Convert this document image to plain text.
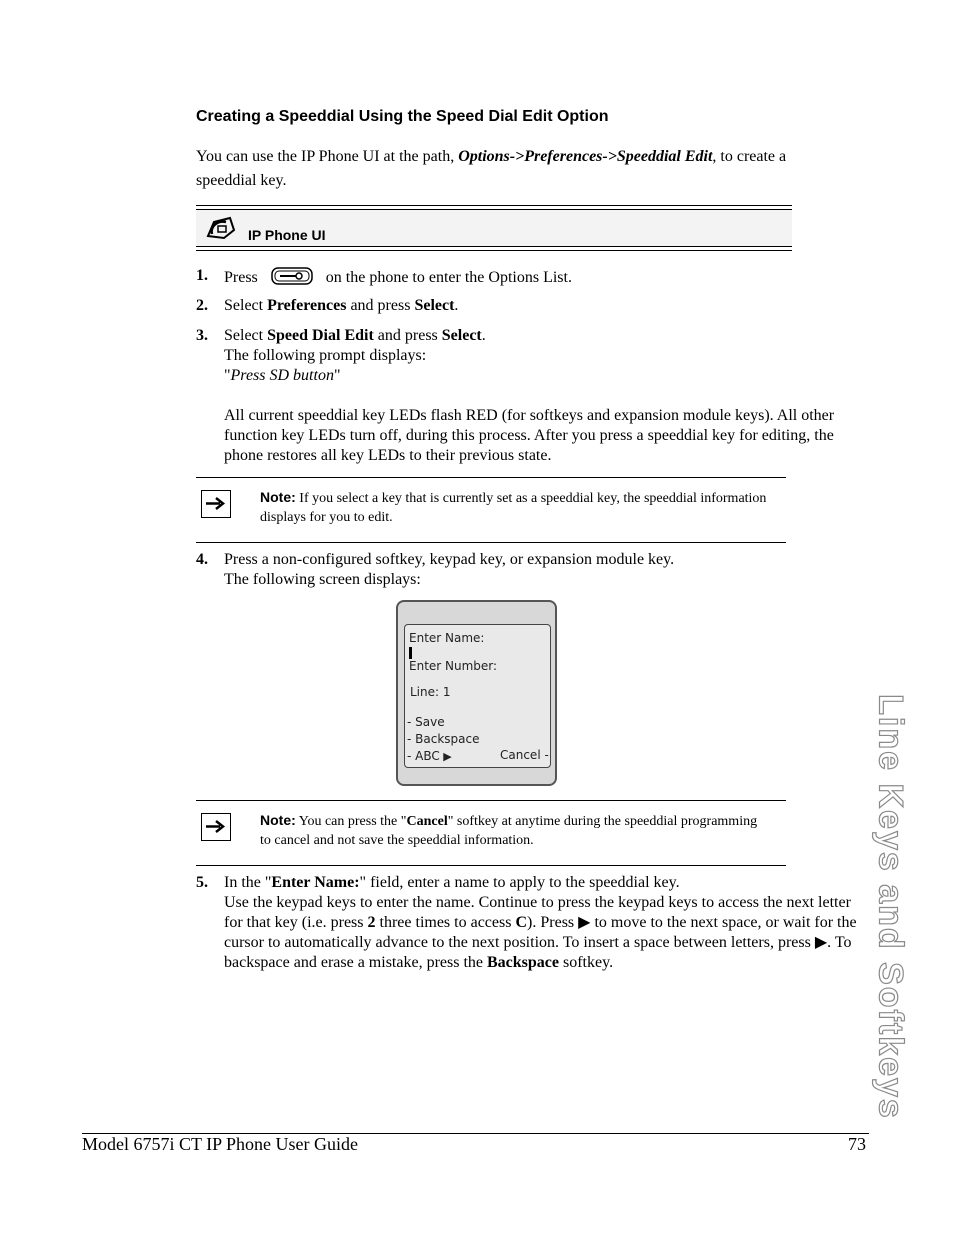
Creating a Speeddial Using the Speed Dial Edit Option
You can use the IP Phone UI at the path, Options->Preferences->Speeddial Edit, to create a speeddial key.
IP Phone UI
1. Press	on the phone to enter the Options List.
2. Select Preferences and press Select.
3. Select Speed Dial Edit and press Select.
The following prompt displays:
"Press SD button"
All current speeddial key LEDs flash RED (for softkeys and expansion module keys). All other function key LEDs turn off, during this process. After you press a speeddial key for editing, the phone restores all key LEDs to their previous state.
Note: If you select a key that is currently set as a speeddial key, the speeddial information displays for you to edit.
4. Press a non-configured softkey, keypad key, or expansion module key.
The following screen displays:
Enter Name:
Enter Number:
Line: 1
- Save
- Backspace
- ABC ▶	Cancel -
Note: You can press the "Cancel" softkey at anytime during the speeddial programming to cancel and not save the speeddial information.
5. In the "Enter Name:" field, enter a name to apply to the speeddial key.
Use the keypad keys to enter the name. Continue to press the keypad keys to access the next letter for that key (i.e. press 2 three times to access C). Press ▶ to move to the next space, or wait for the cursor to automatically advance to the next position. To insert a space between letters, press ▶. To backspace and erase a mistake, press the Backspace softkey.	Line Keys and Softkeys
Model 6757i CT IP Phone User Guide	73
